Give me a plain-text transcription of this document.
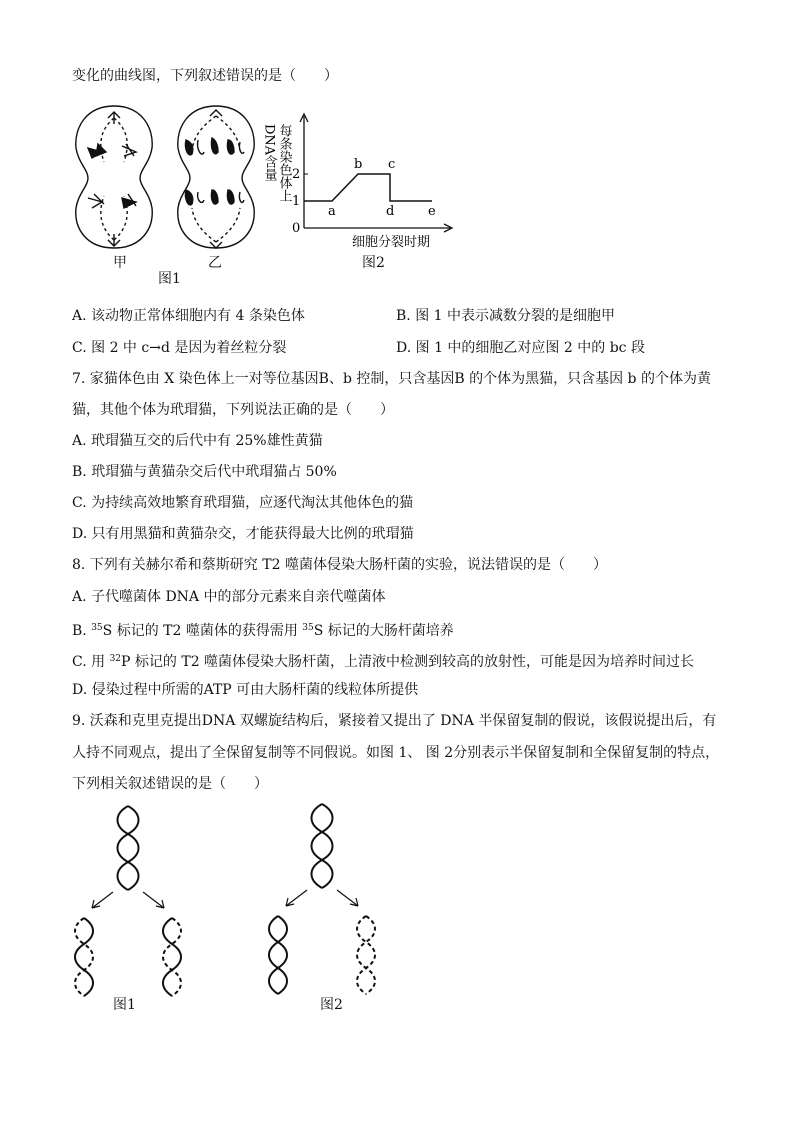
变化的曲线图，下列叙述错误的是（　　）
甲	乙
图1
每条染色体上
DNA含量
0
1
2
a
b c
d	e
细胞分裂时期
图2
A. 该动物正常体细胞内有 4 条染色体	B. 图 1 中表示减数分裂的是细胞甲
C. 图 2 中 c→d 是因为着丝粒分裂	D. 图 1 中的细胞乙对应图 2 中的 bc 段
7. 家猫体色由 X 染色体上一对等位基因B、b 控制，只含基因B 的个体为黑猫，只含基因 b 的个体为黄
猫，其他个体为玳瑁猫，下列说法正确的是（　　）
A. 玳瑁猫互交的后代中有 25%雄性黄猫
B. 玳瑁猫与黄猫杂交后代中玳瑁猫占 50%
C. 为持续高效地繁育玳瑁猫，应逐代淘汰其他体色的猫
D. 只有用黑猫和黄猫杂交，才能获得最大比例的玳瑁猫
8. 下列有关赫尔希和蔡斯研究 T2 噬菌体侵染大肠杆菌的实验，说法错误的是（　　）
A. 子代噬菌体 DNA 中的部分元素来自亲代噬菌体
B. $^{35}$S 标记的 T2 噬菌体的获得需用 $^{35}$S 标记的大肠杆菌培养
C. 用 $^{32}$P 标记的 T2 噬菌体侵染大肠杆菌，上清液中检测到较高的放射性，可能是因为培养时间过长
D. 侵染过程中所需的ATP 可由大肠杆菌的线粒体所提供
9. 沃森和克里克提出DNA 双螺旋结构后，紧接着又提出了 DNA 半保留复制的假说，该假说提出后，有
人持不同观点，提出了全保留复制等不同假说。如图 1、 图 2分别表示半保留复制和全保留复制的特点，
下列相关叙述错误的是（　　）
图1	图2
